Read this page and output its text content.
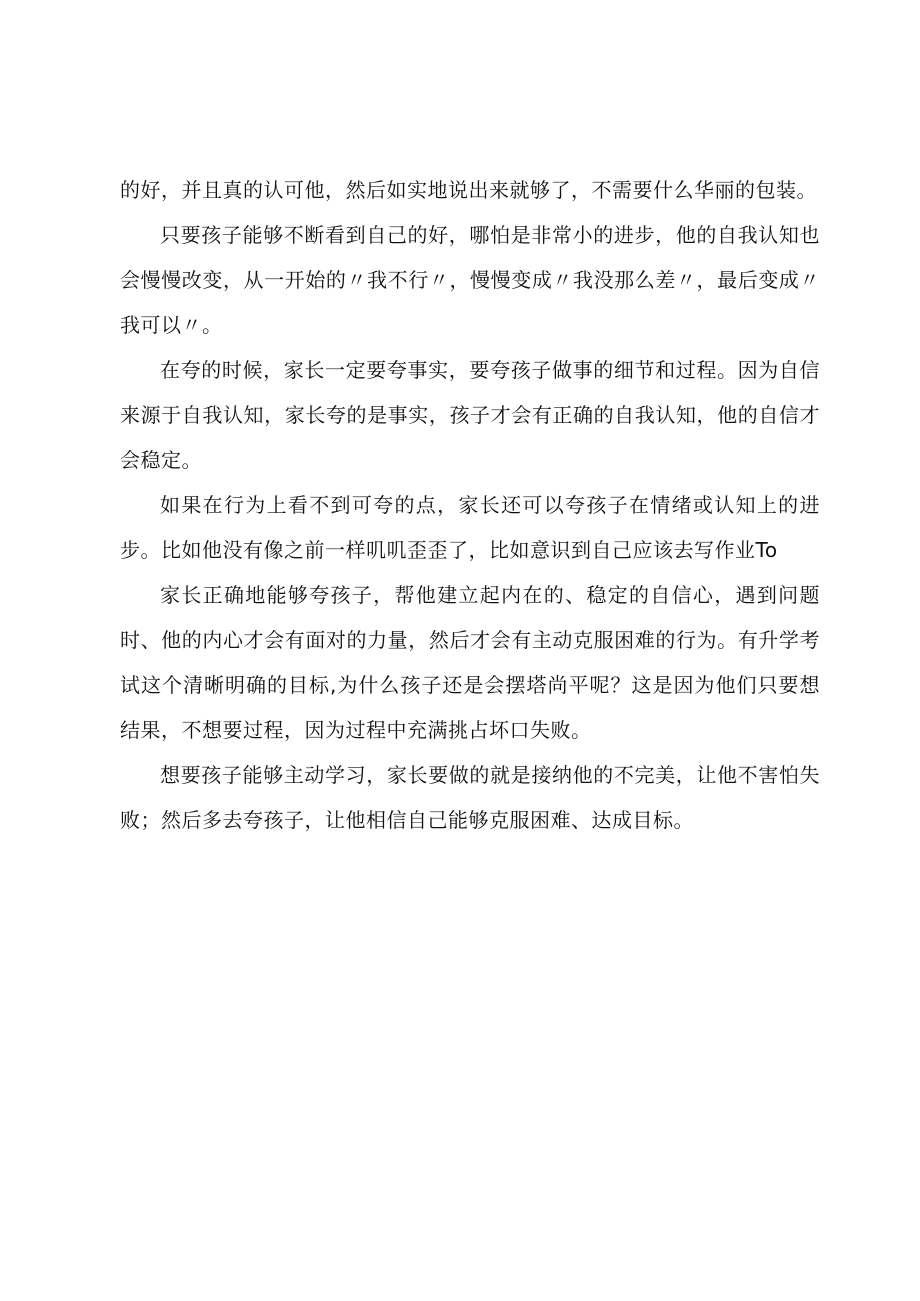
的好，并且真的认可他，然后如实地说出来就够了，不需要什么华丽的包装。

只要孩子能够不断看到自己的好，哪怕是非常小的进步，他的自我认知也会慢慢改变，从一开始的〃我不行〃，慢慢变成〃我没那么差〃，最后变成〃我可以〃。

在夸的时候，家长一定要夸事实，要夸孩子做事的细节和过程。因为自信来源于自我认知，家长夸的是事实，孩子才会有正确的自我认知，他的自信才会稳定。

如果在行为上看不到可夸的点，家长还可以夸孩子在情绪或认知上的进步。比如他没有像之前一样叽叽歪歪了，比如意识到自己应该去写作业To

家长正确地能够夸孩子，帮他建立起内在的、稳定的自信心，遇到问题时、他的内心才会有面对的力量，然后才会有主动克服困难的行为。有升学考试这个清晰明确的目标,为什么孩子还是会摆塔尚平呢？这是因为他们只要想结果，不想要过程，因为过程中充满挑占坏口失败。

想要孩子能够主动学习，家长要做的就是接纳他的不完美，让他不害怕失败；然后多去夸孩子，让他相信自己能够克服困难、达成目标。
